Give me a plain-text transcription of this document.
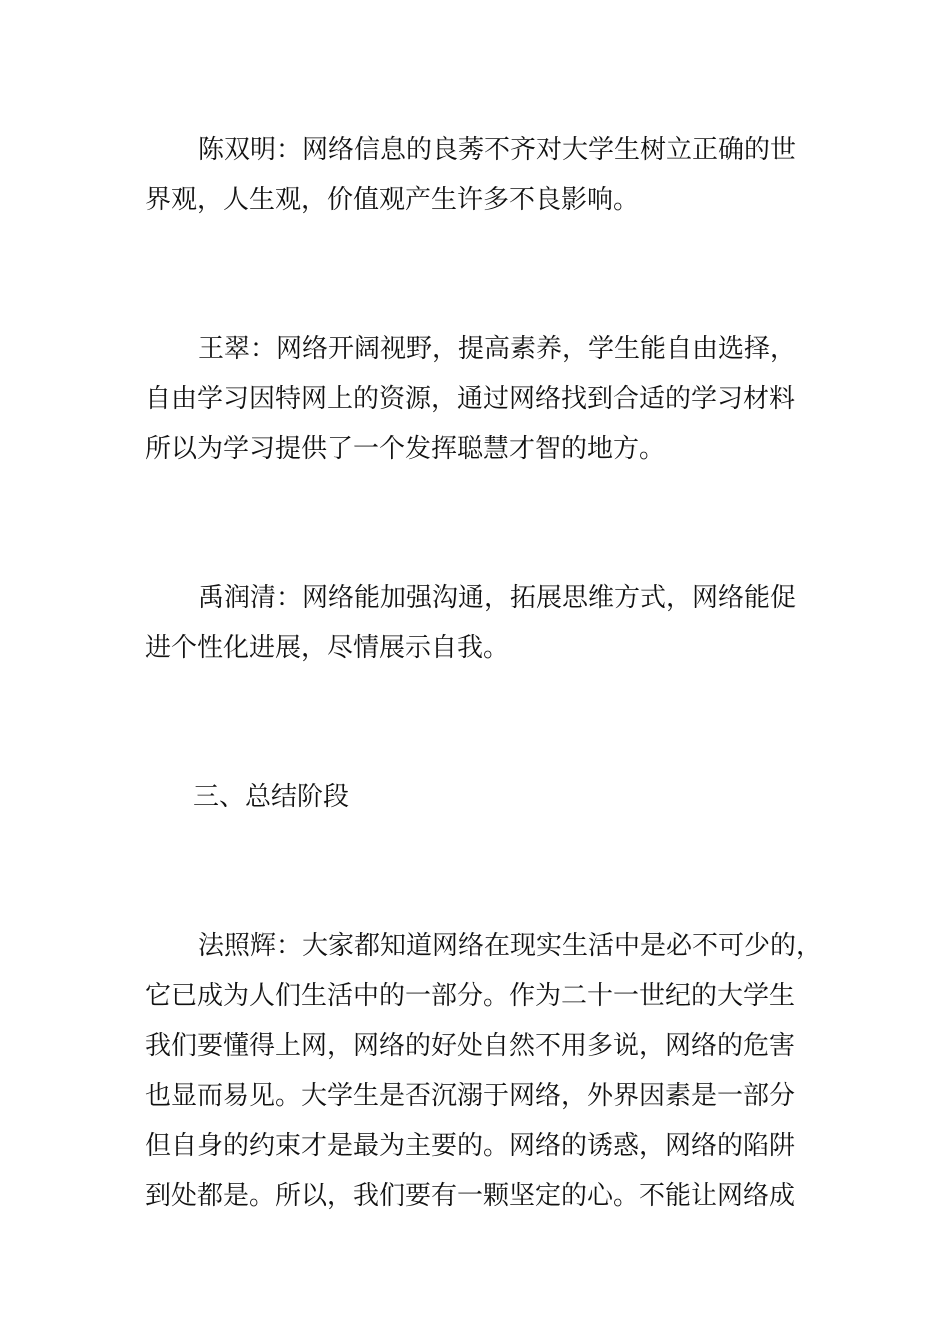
陈双明：网络信息的良莠不齐对大学生树立正确的世
界观，人生观，价值观产生许多不良影响。
王翠：网络开阔视野，提高素养，学生能自由选择，
自由学习因特网上的资源，通过网络找到合适的学习材料
所以为学习提供了一个发挥聪慧才智的地方。
禹润清：网络能加强沟通，拓展思维方式，网络能促
进个性化进展，尽情展示自我。
三、总结阶段
法照辉：大家都知道网络在现实生活中是必不可少的，
它已成为人们生活中的一部分。作为二十一世纪的大学生
我们要懂得上网，网络的好处自然不用多说，网络的危害
也显而易见。大学生是否沉溺于网络，外界因素是一部分
但自身的约束才是最为主要的。网络的诱惑，网络的陷阱
到处都是。所以，我们要有一颗坚定的心。不能让网络成
